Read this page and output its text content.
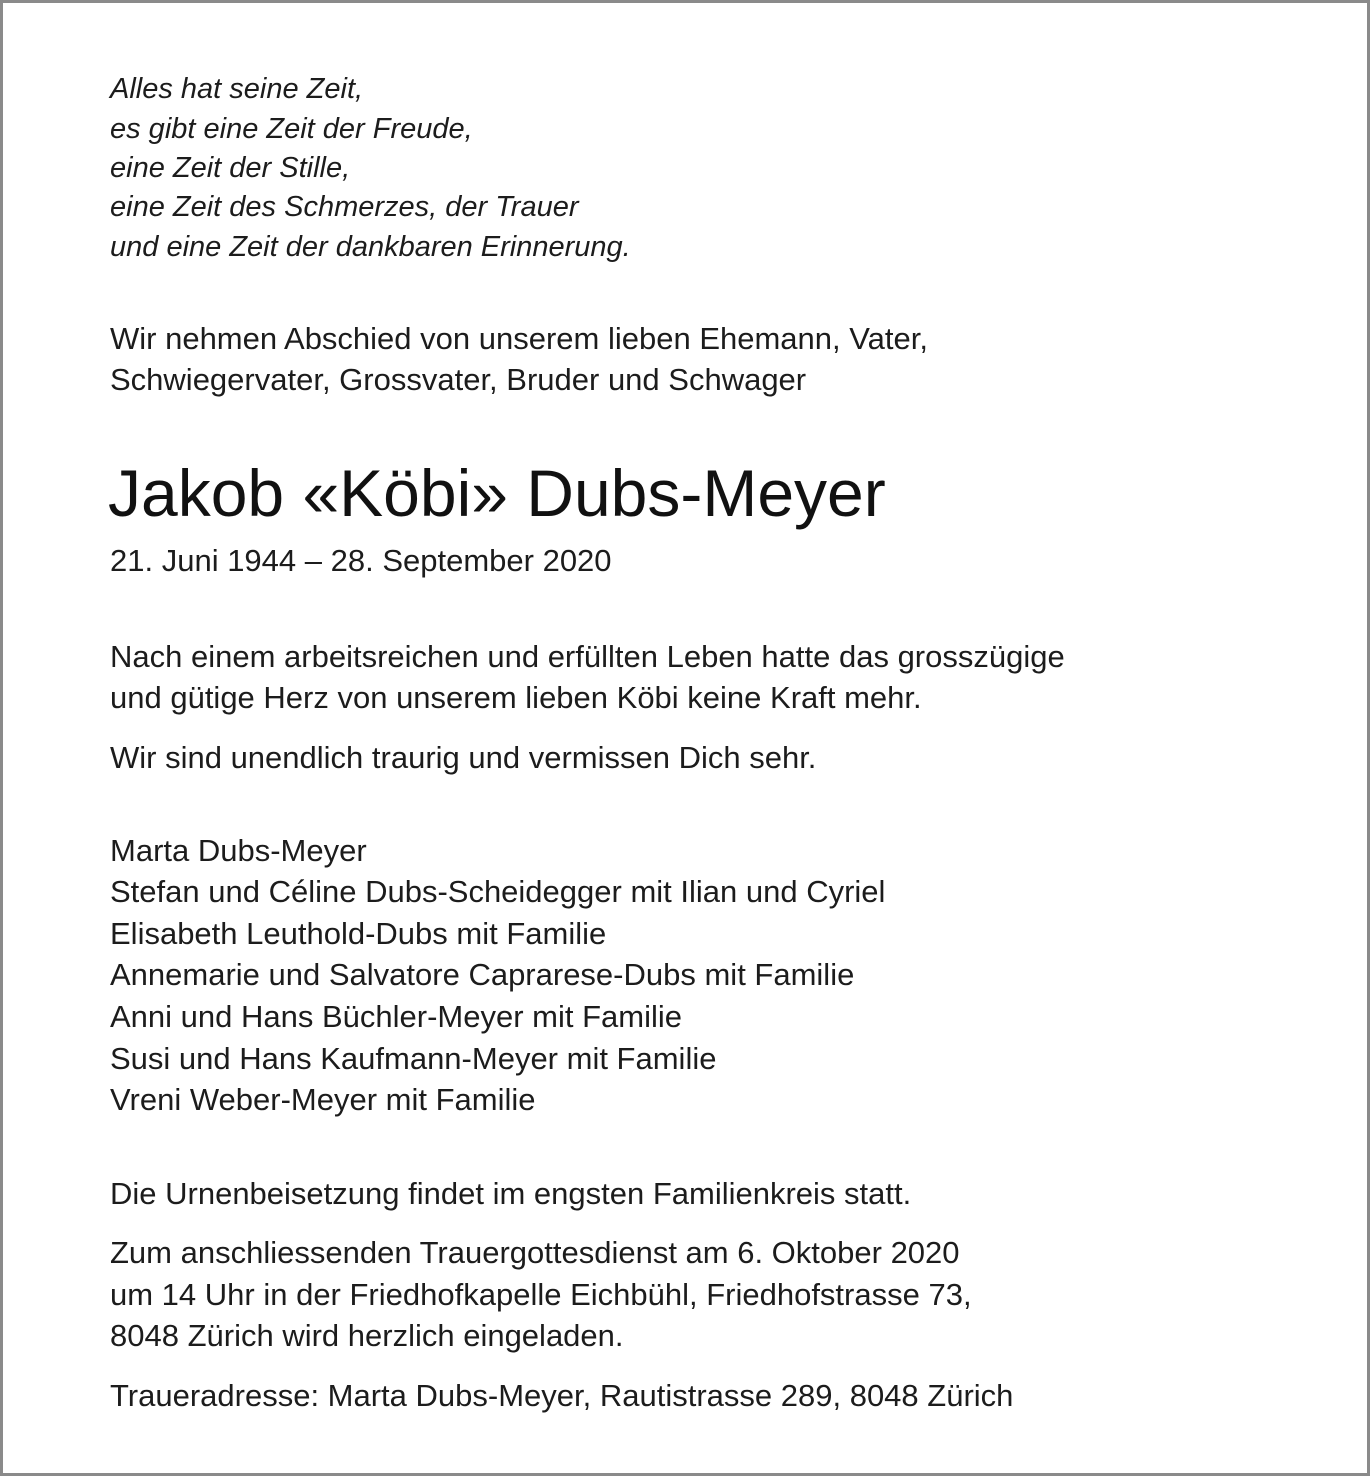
Alles hat seine Zeit,
es gibt eine Zeit der Freude,
eine Zeit der Stille,
eine Zeit des Schmerzes, der Trauer
und eine Zeit der dankbaren Erinnerung.
Wir nehmen Abschied von unserem lieben Ehemann, Vater,
Schwiegervater, Grossvater, Bruder und Schwager
Jakob «Köbi» Dubs-Meyer
21. Juni 1944 – 28. September 2020
Nach einem arbeitsreichen und erfüllten Leben hatte das grosszügige
und gütige Herz von unserem lieben Köbi keine Kraft mehr.
Wir sind unendlich traurig und vermissen Dich sehr.
Marta Dubs-Meyer
Stefan und Céline Dubs-Scheidegger mit Ilian und Cyriel
Elisabeth Leuthold-Dubs mit Familie
Annemarie und Salvatore Caprarese-Dubs mit Familie
Anni und Hans Büchler-Meyer mit Familie
Susi und Hans Kaufmann-Meyer mit Familie
Vreni Weber-Meyer mit Familie
Die Urnenbeisetzung findet im engsten Familienkreis statt.
Zum anschliessenden Trauergottesdienst am 6. Oktober 2020
um 14 Uhr in der Friedhofkapelle Eichbühl, Friedhofstrasse 73,
8048 Zürich wird herzlich eingeladen.
Traueradresse: Marta Dubs-Meyer, Rautistrasse 289, 8048 Zürich
